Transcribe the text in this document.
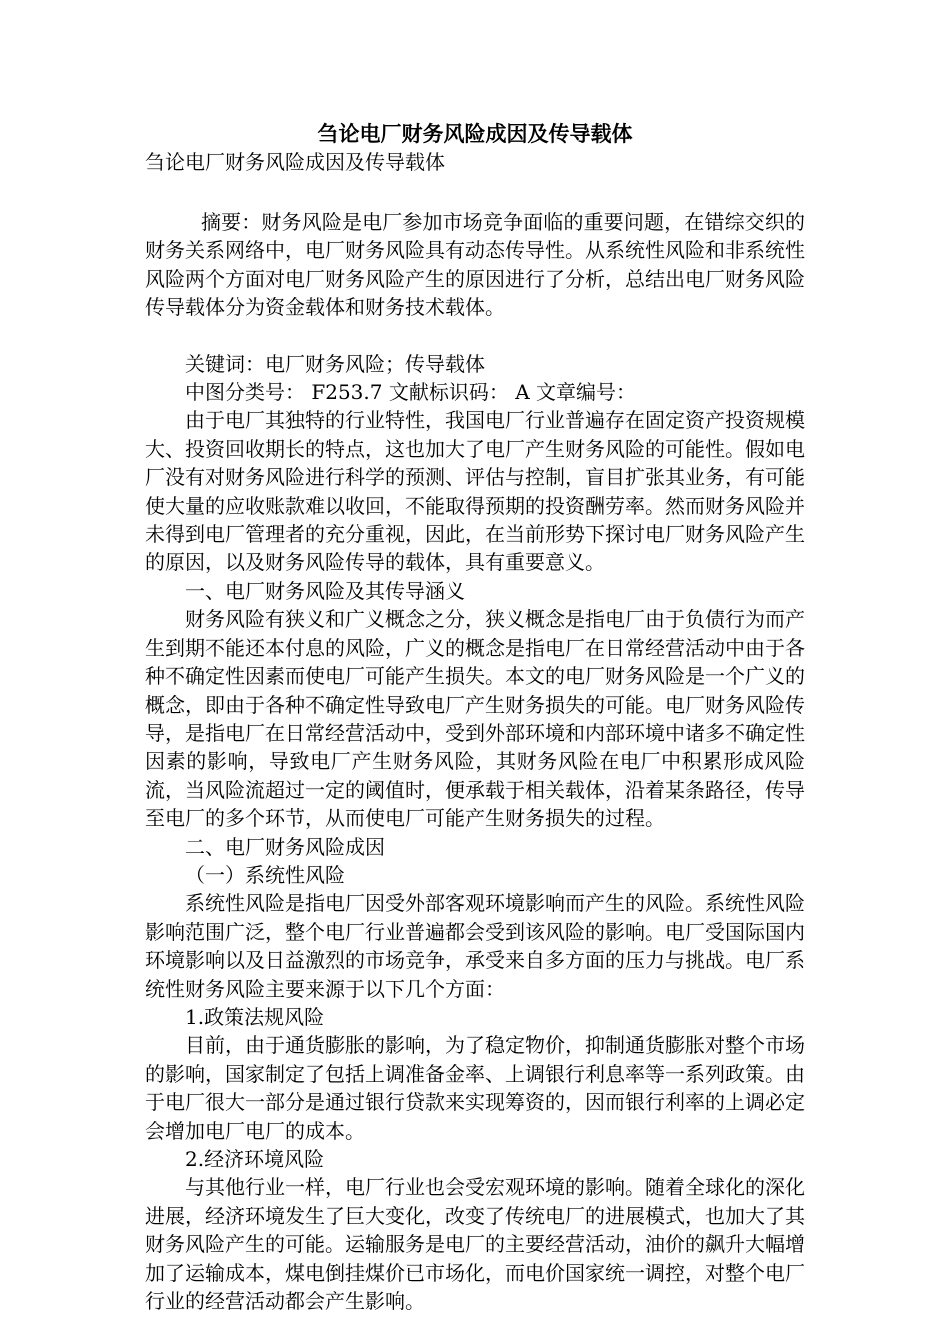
刍论电厂财务风险成因及传导载体

刍论电厂财务风险成因及传导载体

摘要：财务风险是电厂参加市场竞争面临的重要问题，在错综交织的财务关系网络中，电厂财务风险具有动态传导性。从系统性风险和非系统性风险两个方面对电厂财务风险产生的原因进行了分析，总结出电厂财务风险传导载体分为资金载体和财务技术载体。

关键词：电厂财务风险；传导载体

中图分类号： F253.7 文献标识码： A 文章编号：

由于电厂其独特的行业特性，我国电厂行业普遍存在固定资产投资规模大、投资回收期长的特点，这也加大了电厂产生财务风险的可能性。假如电厂没有对财务风险进行科学的预测、评估与控制，盲目扩张其业务，有可能使大量的应收账款难以收回，不能取得预期的投资酬劳率。然而财务风险并未得到电厂管理者的充分重视，因此，在当前形势下探讨电厂财务风险产生的原因，以及财务风险传导的载体，具有重要意义。

一、电厂财务风险及其传导涵义

财务风险有狭义和广义概念之分，狭义概念是指电厂由于负债行为而产生到期不能还本付息的风险，广义的概念是指电厂在日常经营活动中由于各种不确定性因素而使电厂可能产生损失。本文的电厂财务风险是一个广义的概念，即由于各种不确定性导致电厂产生财务损失的可能。电厂财务风险传导，是指电厂在日常经营活动中，受到外部环境和内部环境中诸多不确定性因素的影响，导致电厂产生财务风险，其财务风险在电厂中积累形成风险流，当风险流超过一定的阈值时，便承载于相关载体，沿着某条路径，传导至电厂的多个环节，从而使电厂可能产生财务损失的过程。

二、电厂财务风险成因

（一）系统性风险

系统性风险是指电厂因受外部客观环境影响而产生的风险。系统性风险影响范围广泛，整个电厂行业普遍都会受到该风险的影响。电厂受国际国内环境影响以及日益激烈的市场竞争，承受来自多方面的压力与挑战。电厂系统性财务风险主要来源于以下几个方面：

1.政策法规风险

目前，由于通货膨胀的影响，为了稳定物价，抑制通货膨胀对整个市场的影响，国家制定了包括上调准备金率、上调银行利息率等一系列政策。由于电厂很大一部分是通过银行贷款来实现筹资的，因而银行利率的上调必定会增加电厂电厂的成本。

2.经济环境风险

与其他行业一样，电厂行业也会受宏观环境的影响。随着全球化的深化进展，经济环境发生了巨大变化，改变了传统电厂的进展模式，也加大了其财务风险产生的可能。运输服务是电厂的主要经营活动，油价的飙升大幅增加了运输成本，煤电倒挂煤价已市场化，而电价国家统一调控，对整个电厂行业的经营活动都会产生影响。
